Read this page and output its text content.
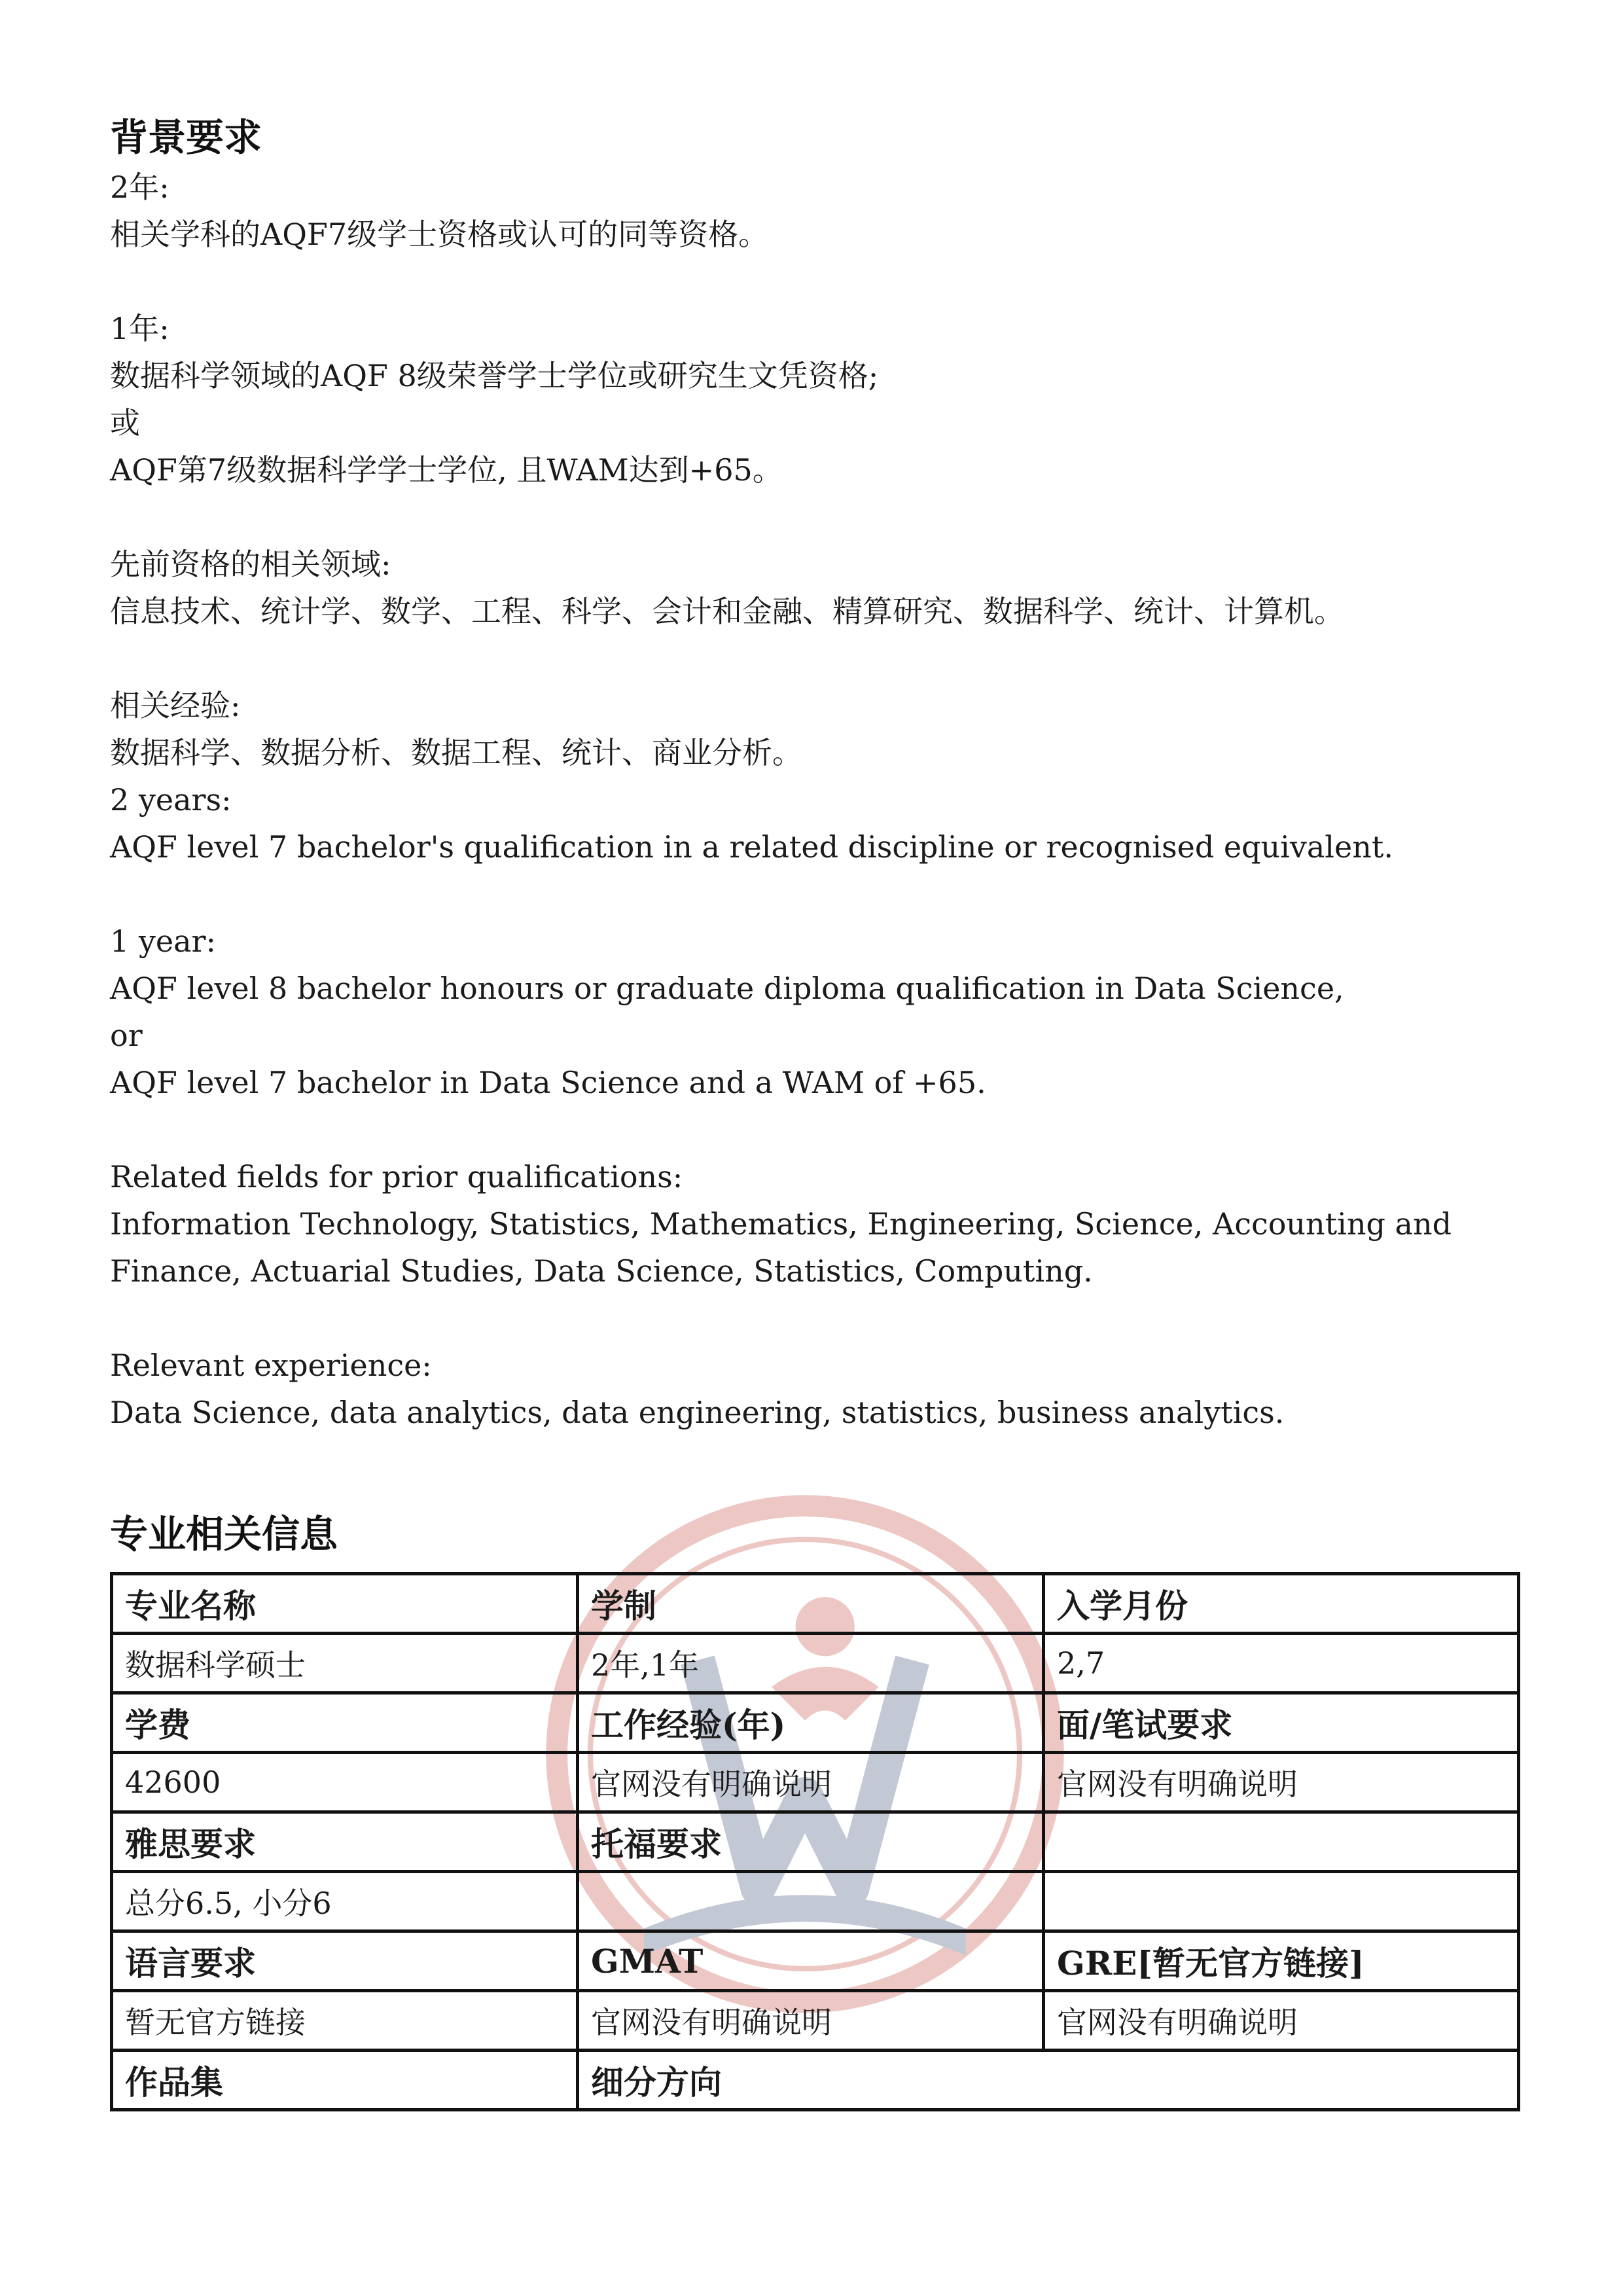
背景要求

2年:

相关学科的AQF7级学士资格或认可的同等资格。

1年:

数据科学领域的AQF 8级荣誉学士学位或研究生文凭资格;

或

AQF第7级数据科学学士学位, 且WAM达到+65。

先前资格的相关领域:

信息技术、统计学、数学、工程、科学、会计和金融、精算研究、数据科学、统计、计算机。

相关经验:

数据科学、数据分析、数据工程、统计、商业分析。

2 years:

AQF level 7 bachelor's qualification in a related discipline or recognised equivalent.

1 year:

AQF level 8 bachelor honours or graduate diploma qualification in Data Science,

or

AQF level 7 bachelor in Data Science and a WAM of +65.

Related fields for prior qualifications:

Information Technology, Statistics, Mathematics, Engineering, Science, Accounting and

Finance, Actuarial Studies, Data Science, Statistics, Computing.

Relevant experience:

Data Science, data analytics, data engineering, statistics, business analytics.

专业相关信息
专业名称	学制	入学月份
数据科学硕士	2年,1年	2,7
学费	工作经验(年)	面/笔试要求
42600	官网没有明确说明	官网没有明确说明
雅思要求	托福要求	
总分6.5, 小分6		
语言要求	GMAT	GRE[暂无官方链接]
暂无官方链接	官网没有明确说明	官网没有明确说明
作品集	细分方向	
